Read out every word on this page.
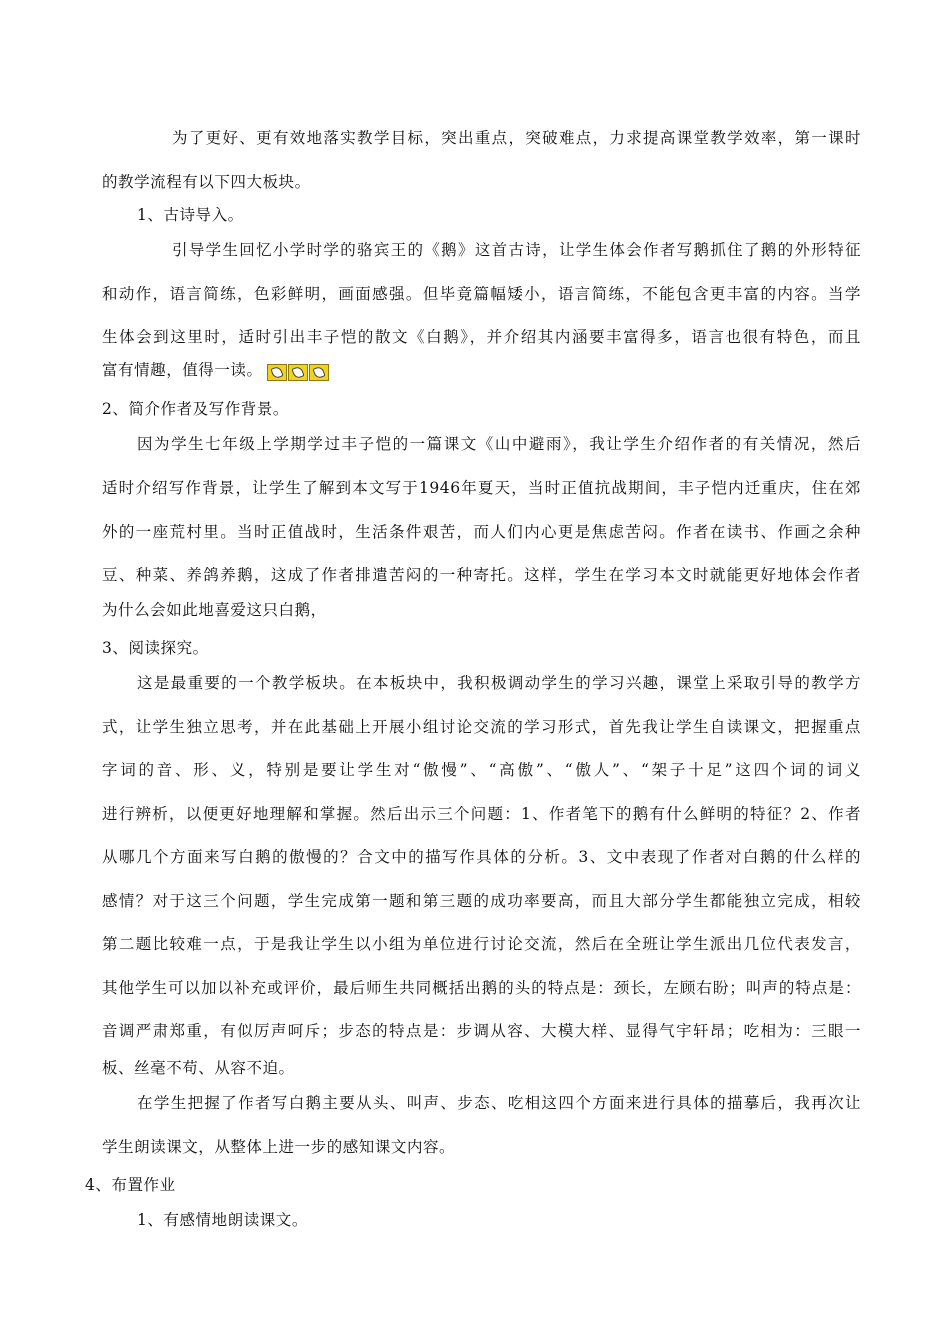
为了更好、更有效地落实教学目标，突出重点，突破难点，力求提高课堂教学效率，第一课时
的教学流程有以下四大板块。
1、古诗导入。
引导学生回忆小学时学的骆宾王的《鹅》这首古诗，让学生体会作者写鹅抓住了鹅的外形特征
和动作，语言简练，色彩鲜明，画面感强。但毕竟篇幅矮小，语言简练，不能包含更丰富的内容。当学
生体会到这里时，适时引出丰子恺的散文《白鹅》，并介绍其内涵要丰富得多，语言也很有特色，而且
富有情趣，值得一读。
2、简介作者及写作背景。
因为学生七年级上学期学过丰子恺的一篇课文《山中避雨》，我让学生介绍作者的有关情况，然后
适时介绍写作背景，让学生了解到本文写于1946年夏天，当时正值抗战期间，丰子恺内迁重庆，住在郊
外的一座荒村里。当时正值战时，生活条件艰苦，而人们内心更是焦虑苦闷。作者在读书、作画之余种
豆、种菜、养鸽养鹅，这成了作者排遣苦闷的一种寄托。这样，学生在学习本文时就能更好地体会作者
为什么会如此地喜爱这只白鹅，
3、阅读探究。
这是最重要的一个教学板块。在本板块中，我积极调动学生的学习兴趣，课堂上采取引导的教学方
式，让学生独立思考，并在此基础上开展小组讨论交流的学习形式，首先我让学生自读课文，把握重点
字词的音、形、义，特别是要让学生对“傲慢”、“高傲”、“傲人”、“架子十足”这四个词的词义
进行辨析，以便更好地理解和掌握。然后出示三个问题：1、作者笔下的鹅有什么鲜明的特征？2、作者
从哪几个方面来写白鹅的傲慢的？合文中的描写作具体的分析。3、文中表现了作者对白鹅的什么样的
感情？对于这三个问题，学生完成第一题和第三题的成功率要高，而且大部分学生都能独立完成，相较
第二题比较难一点，于是我让学生以小组为单位进行讨论交流，然后在全班让学生派出几位代表发言，
其他学生可以加以补充或评价，最后师生共同概括出鹅的头的特点是：颈长，左顾右盼；叫声的特点是：
音调严肃郑重，有似厉声呵斥；步态的特点是：步调从容、大模大样、显得气宇轩昂；吃相为：三眼一
板、丝毫不苟、从容不迫。
在学生把握了作者写白鹅主要从头、叫声、步态、吃相这四个方面来进行具体的描摹后，我再次让
学生朗读课文，从整体上进一步的感知课文内容。
4、布置作业
1、有感情地朗读课文。
